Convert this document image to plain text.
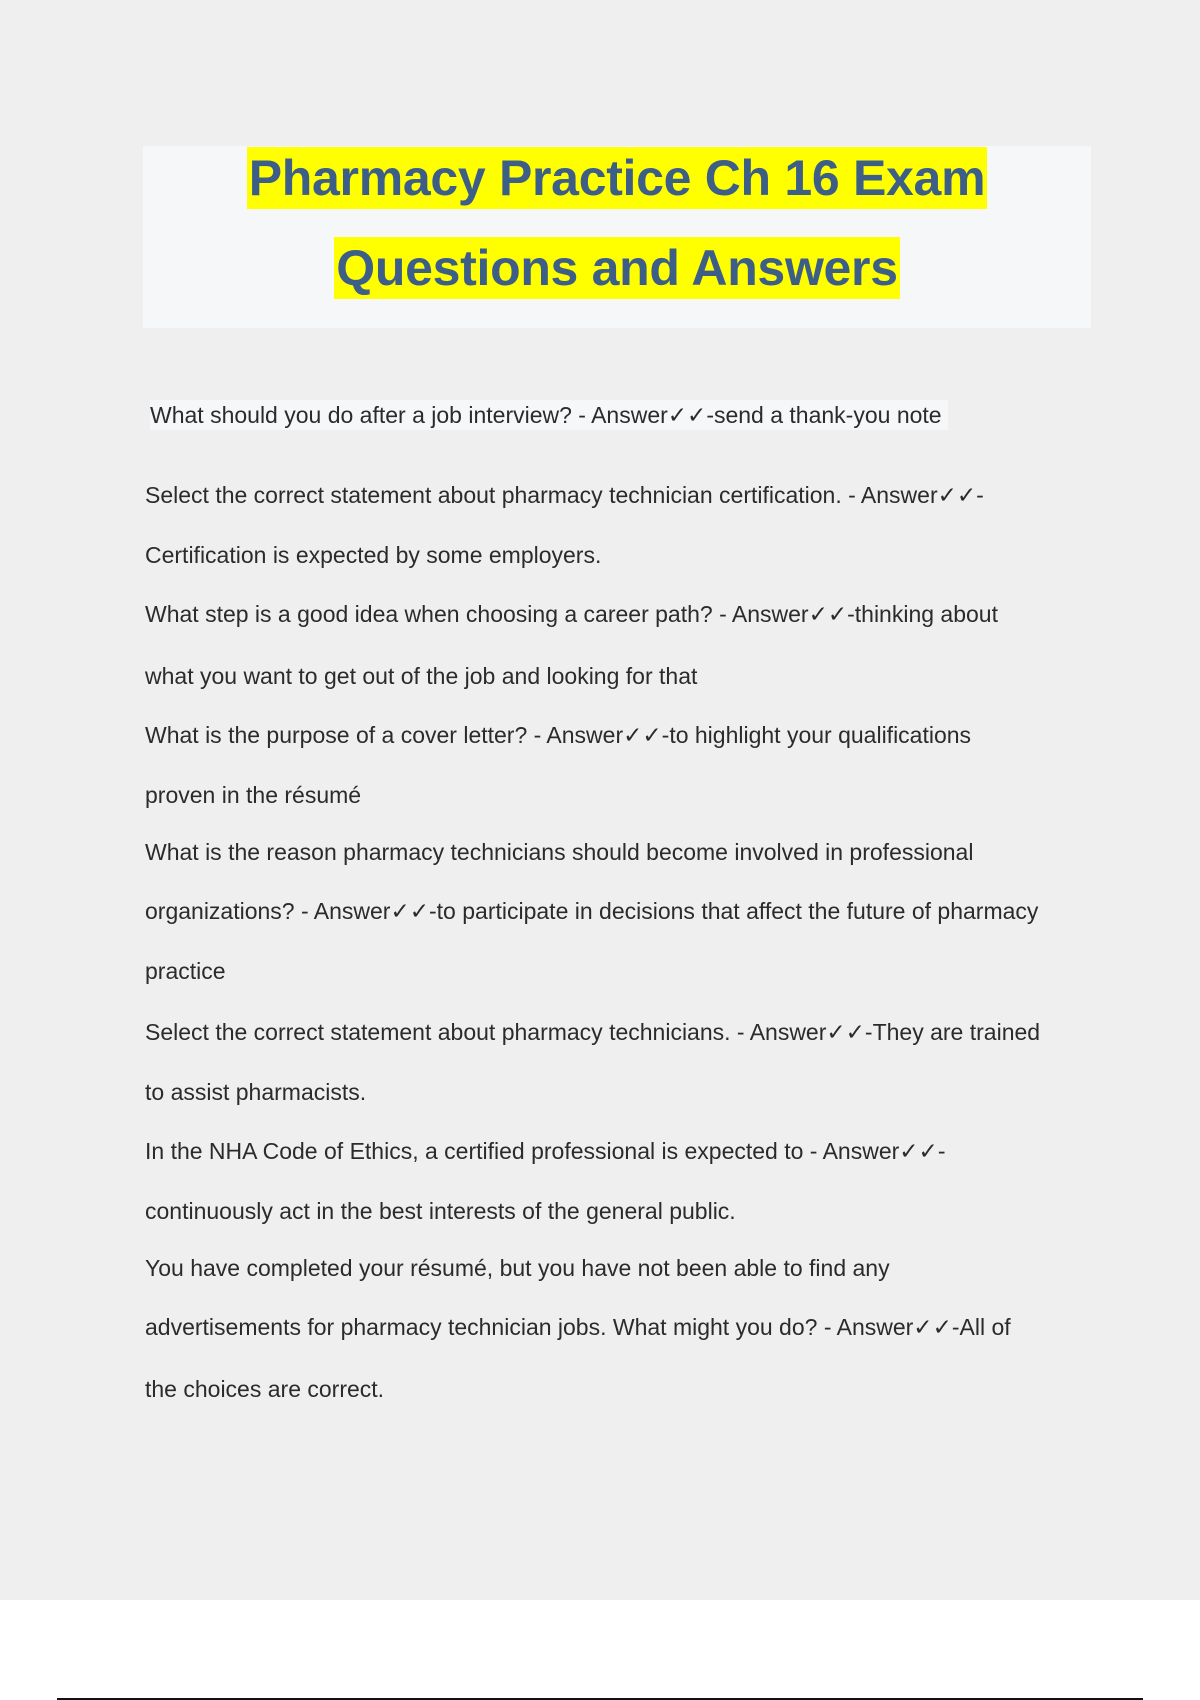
Pharmacy Practice Ch 16 Exam
Questions and Answers
What should you do after a job interview? - Answer✓✓-send a thank-you note
Select the correct statement about pharmacy technician certification. - Answer✓✓-
Certification is expected by some employers.
What step is a good idea when choosing a career path? - Answer✓✓-thinking about
what you want to get out of the job and looking for that
What is the purpose of a cover letter? - Answer✓✓-to highlight your qualifications
proven in the résumé
What is the reason pharmacy technicians should become involved in professional
organizations? - Answer✓✓-to participate in decisions that affect the future of pharmacy
practice
Select the correct statement about pharmacy technicians. - Answer✓✓-They are trained
to assist pharmacists.
In the NHA Code of Ethics, a certified professional is expected to - Answer✓✓-
continuously act in the best interests of the general public.
You have completed your résumé, but you have not been able to find any
advertisements for pharmacy technician jobs. What might you do? - Answer✓✓-All of
the choices are correct.
